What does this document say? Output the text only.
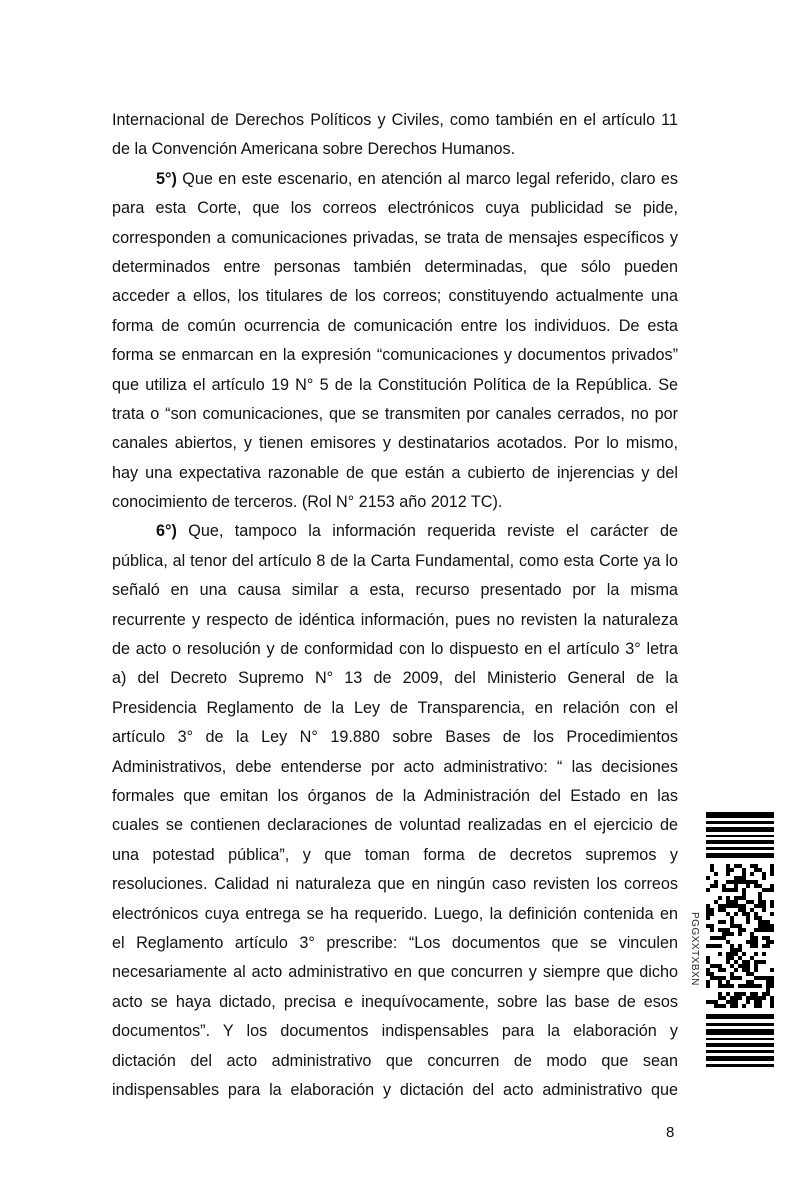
Internacional de Derechos Políticos y Civiles, como también en el artículo 11
de la Convención Americana sobre Derechos Humanos.
5°) Que en este escenario, en atención al marco legal referido, claro es
para esta Corte, que los correos electrónicos cuya publicidad se pide,
corresponden a comunicaciones privadas, se trata de mensajes específicos y
determinados entre personas también determinadas, que sólo pueden
acceder a ellos, los titulares de los correos; constituyendo actualmente una
forma de común ocurrencia de comunicación entre los individuos. De esta
forma se enmarcan en la expresión “comunicaciones y documentos privados”
que utiliza el artículo 19 N° 5 de la Constitución Política de la República. Se
trata o “son comunicaciones, que se transmiten por canales cerrados, no por
canales abiertos, y tienen emisores y destinatarios acotados. Por lo mismo,
hay una expectativa razonable de que están a cubierto de injerencias y del
conocimiento de terceros. (Rol N° 2153 año 2012 TC).
6°) Que, tampoco la información requerida reviste el carácter de
pública, al tenor del artículo 8 de la Carta Fundamental, como esta Corte ya lo
señaló en una causa similar a esta, recurso presentado por la misma
recurrente y respecto de idéntica información, pues no revisten la naturaleza
de acto o resolución y de conformidad con lo dispuesto en el artículo 3° letra
a) del Decreto Supremo N° 13 de 2009, del Ministerio General de la
Presidencia Reglamento de la Ley de Transparencia, en relación con el
artículo 3° de la Ley N° 19.880 sobre Bases de los Procedimientos
Administrativos, debe entenderse por acto administrativo: “ las decisiones
formales que emitan los órganos de la Administración del Estado en las
cuales se contienen declaraciones de voluntad realizadas en el ejercicio de
una potestad pública”, y que toman forma de decretos supremos y
resoluciones. Calidad ni naturaleza que en ningún caso revisten los correos
electrónicos cuya entrega se ha requerido. Luego, la definición contenida en
el Reglamento artículo 3° prescribe: “Los documentos que se vinculen
necesariamente al acto administrativo en que concurren y siempre que dicho
acto se haya dictado, precisa e inequívocamente, sobre las base de esos
documentos”. Y los documentos indispensables para la elaboración y
dictación del acto administrativo que concurren de modo que sean
indispensables para la elaboración y dictación del acto administrativo que
8
PGGXXTXBXN
